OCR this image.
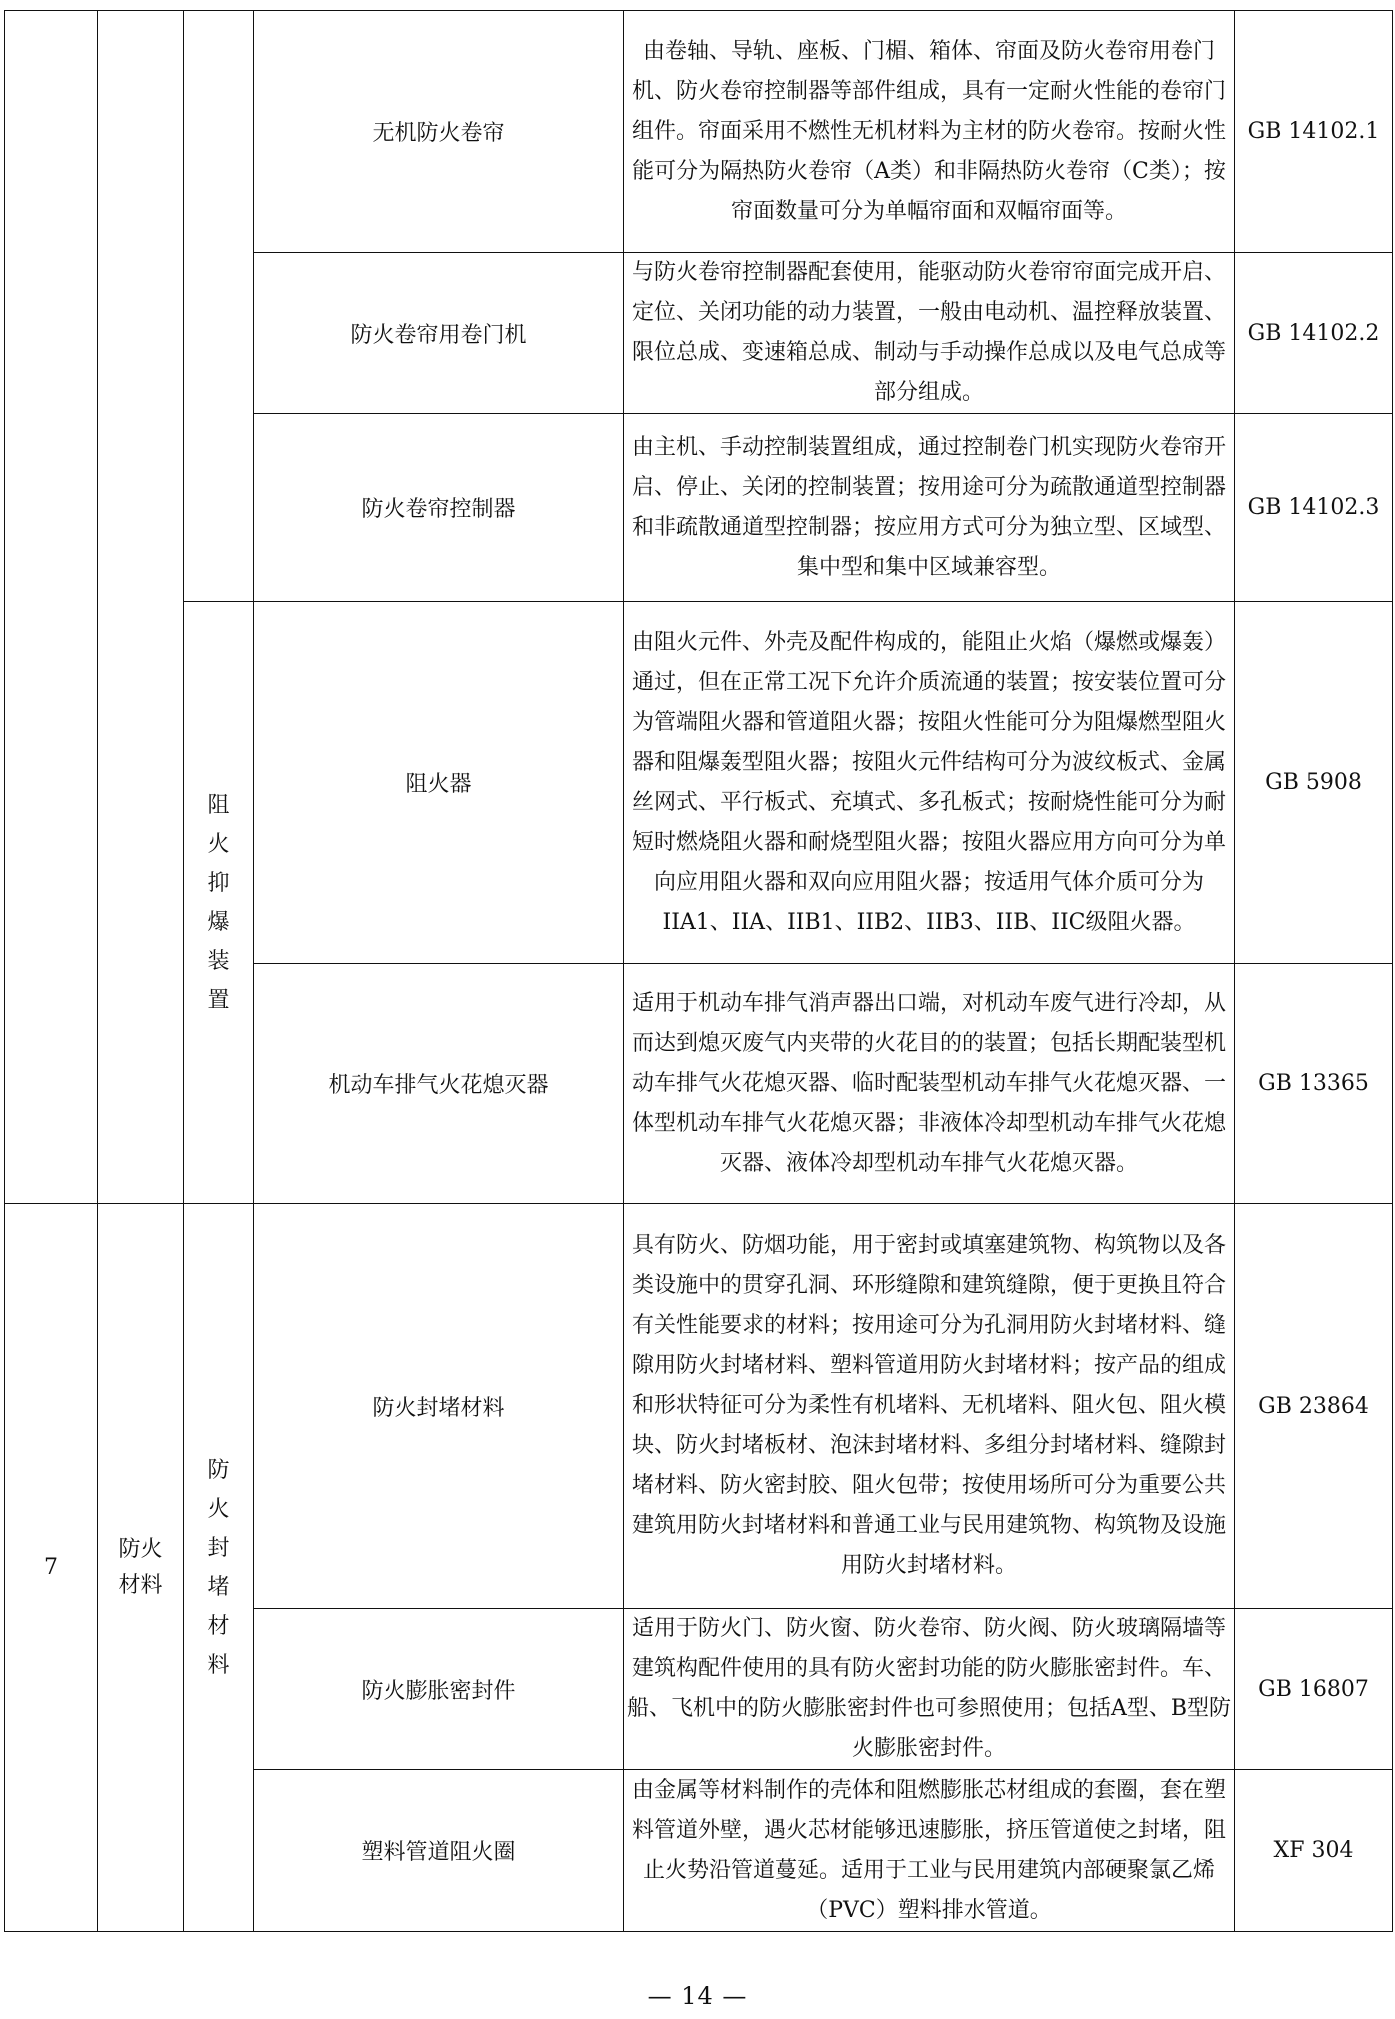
			无机防火卷帘	由卷轴、导轨、座板、门楣、箱体、帘面及防火卷帘用卷门机、防火卷帘控制器等部件组成，具有一定耐火性能的卷帘门组件。帘面采用不燃性无机材料为主材的防火卷帘。按耐火性能可分为隔热防火卷帘（A类）和非隔热防火卷帘（C类）；按帘面数量可分为单幅帘面和双幅帘面等。	GB 14102.1
			防火卷帘用卷门机	与防火卷帘控制器配套使用，能驱动防火卷帘帘面完成开启、定位、关闭功能的动力装置，一般由电动机、温控释放装置、限位总成、变速箱总成、制动与手动操作总成以及电气总成等部分组成。	GB 14102.2
			防火卷帘控制器	由主机、手动控制装置组成，通过控制卷门机实现防火卷帘开启、停止、关闭的控制装置；按用途可分为疏散通道型控制器和非疏散通道型控制器；按应用方式可分为独立型、区域型、集中型和集中区域兼容型。	GB 14102.3

		阻火抑爆装置	阻火器	由阻火元件、外壳及配件构成的，能阻止火焰（爆燃或爆轰）通过，但在正常工况下允许介质流通的装置；按安装位置可分为管端阻火器和管道阻火器；按阻火性能可分为阻爆燃型阻火器和阻爆轰型阻火器；按阻火元件结构可分为波纹板式、金属丝网式、平行板式、充填式、多孔板式；按耐烧性能可分为耐短时燃烧阻火器和耐烧型阻火器；按阻火器应用方向可分为单向应用阻火器和双向应用阻火器；按适用气体介质可分为IIA1、IIA、IIB1、IIB2、IIB3、IIB、IIC级阻火器。	GB 5908
			机动车排气火花熄灭器	适用于机动车排气消声器出口端，对机动车废气进行冷却，从而达到熄灭废气内夹带的火花目的的装置；包括长期配装型机动车排气火花熄灭器、临时配装型机动车排气火花熄灭器、一体型机动车排气火花熄灭器；非液体冷却型机动车排气火花熄灭器、液体冷却型机动车排气火花熄灭器。	GB 13365
7	防火材料	防火封堵材料	防火封堵材料	具有防火、防烟功能，用于密封或填塞建筑物、构筑物以及各类设施中的贯穿孔洞、环形缝隙和建筑缝隙，便于更换且符合有关性能要求的材料；按用途可分为孔洞用防火封堵材料、缝隙用防火封堵材料、塑料管道用防火封堵材料；按产品的组成和形状特征可分为柔性有机堵料、无机堵料、阻火包、阻火模块、防火封堵板材、泡沫封堵材料、多组分封堵材料、缝隙封堵材料、防火密封胶、阻火包带；按使用场所可分为重要公共建筑用防火封堵材料和普通工业与民用建筑物、构筑物及设施用防火封堵材料。	GB 23864
			防火膨胀密封件	适用于防火门、防火窗、防火卷帘、防火阀、防火玻璃隔墙等建筑构配件使用的具有防火密封功能的防火膨胀密封件。车、船、飞机中的防火膨胀密封件也可参照使用；包括A型、B型防火膨胀密封件。	GB 16807
			塑料管道阻火圈	由金属等材料制作的壳体和阻燃膨胀芯材组成的套圈，套在塑料管道外壁，遇火芯材能够迅速膨胀，挤压管道使之封堵，阻止火势沿管道蔓延。适用于工业与民用建筑内部硬聚氯乙烯（PVC）塑料排水管道。	XF 304
— 14 —
